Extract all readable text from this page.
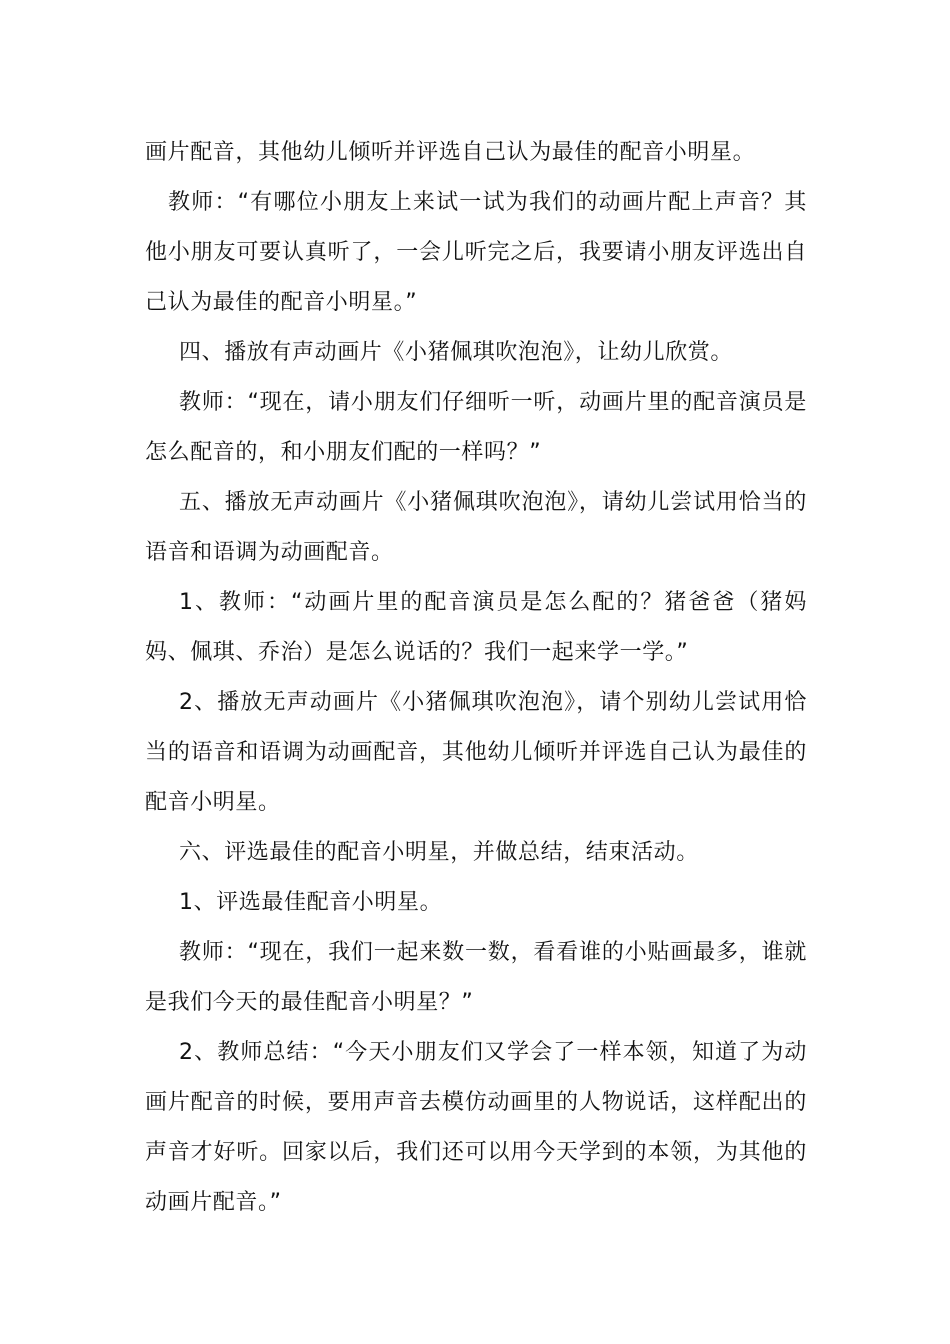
画片配音，其他幼儿倾听并评选自己认为最佳的配音小明星。

教师：“有哪位小朋友上来试一试为我们的动画片配上声音？其他小朋友可要认真听了，一会儿听完之后，我要请小朋友评选出自己认为最佳的配音小明星。”

四、播放有声动画片《小猪佩琪吹泡泡》，让幼儿欣赏。

教师：“现在，请小朋友们仔细听一听，动画片里的配音演员是怎么配音的，和小朋友们配的一样吗？”

五、播放无声动画片《小猪佩琪吹泡泡》，请幼儿尝试用恰当的语音和语调为动画配音。

1、教师：“动画片里的配音演员是怎么配的？猪爸爸（猪妈妈、佩琪、乔治）是怎么说话的？我们一起来学一学。”

2、播放无声动画片《小猪佩琪吹泡泡》，请个别幼儿尝试用恰当的语音和语调为动画配音，其他幼儿倾听并评选自己认为最佳的配音小明星。

六、评选最佳的配音小明星，并做总结，结束活动。

1、评选最佳配音小明星。

教师：“现在，我们一起来数一数，看看谁的小贴画最多，谁就是我们今天的最佳配音小明星？”

2、教师总结：“今天小朋友们又学会了一样本领，知道了为动画片配音的时候，要用声音去模仿动画里的人物说话，这样配出的声音才好听。回家以后，我们还可以用今天学到的本领，为其他的动画片配音。”
